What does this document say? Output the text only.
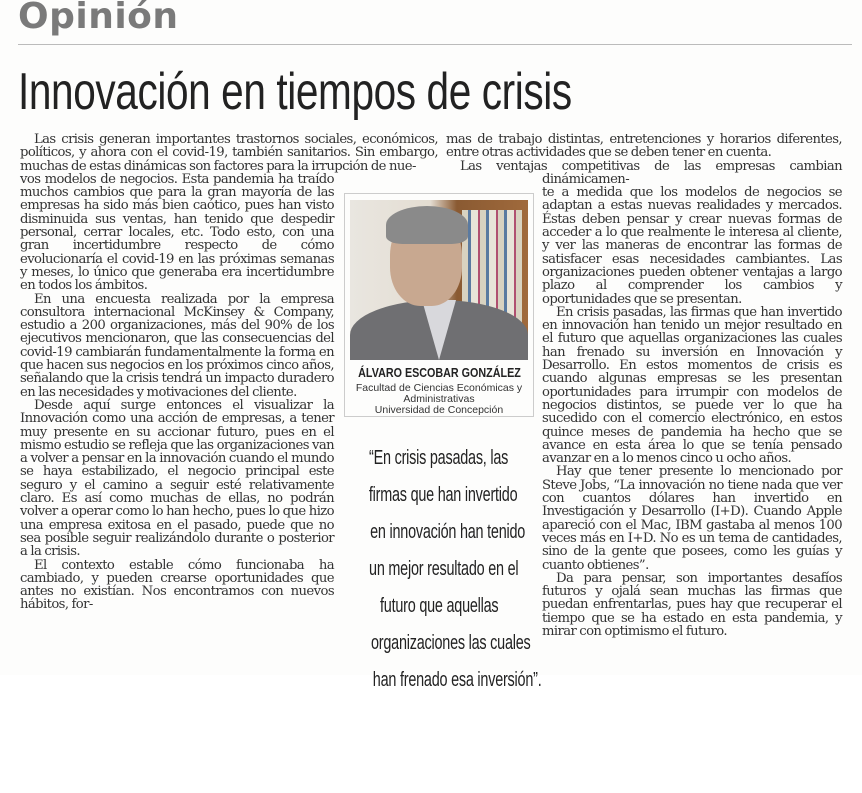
Opinión
Innovación en tiempos de crisis

Las crisis generan importantes trastornos sociales, económicos, políticos, y ahora con el covid-19, también sanitarios. Sin embargo, muchas de estas dinámicas son factores para la irrupción de nue-

vos modelos de negocios. Esta pandemia ha traído muchos cambios que para la gran mayoría de las empresas ha sido más bien caótico, pues han visto disminuida sus ventas, han tenido que despedir personal, cerrar locales, etc. Todo esto, con una gran incertidumbre respecto de cómo evolucionaría el covid-19 en las próximas semanas y meses, lo único que generaba era incertidumbre en todos los ámbitos.

En una encuesta realizada por la empresa consultora internacional McKinsey & Company, estudio a 200 organizaciones, más del 90% de los ejecutivos mencionaron, que las consecuencias del covid-19 cambiarán fundamentalmente la forma en que hacen sus negocios en los próximos cinco años, señalando que la crisis tendrá un impacto duradero en las necesidades y motivaciones del cliente.

Desde aquí surge entonces el visualizar la Innovación como una acción de empresas, a tener muy presente en su accionar futuro, pues en el mismo estudio se refleja que las organizaciones van a volver a pensar en la innovación cuando el mundo se haya estabilizado, el negocio principal este seguro y el camino a seguir esté relativamente claro. Es así como muchas de ellas, no podrán volver a operar como lo han hecho, pues lo que hizo una empresa exitosa en el pasado, puede que no sea posible seguir realizándolo durante o posterior a la crisis.

El contexto estable cómo funcionaba ha cambiado, y pueden crearse oportunidades que antes no existían. Nos encontramos con nuevos hábitos, for-

mas de trabajo distintas, entretenciones y horarios diferentes, entre otras actividades que se deben tener en cuenta.

Las ventajas competitivas de las empresas cambian dinámicamen-

te a medida que los modelos de negocios se adaptan a estas nuevas realidades y mercados. Éstas deben pensar y crear nuevas formas de acceder a lo que realmente le interesa al cliente, y ver las maneras de encontrar las formas de satisfacer esas necesidades cambiantes. Las organizaciones pueden obtener ventajas a largo plazo al comprender los cambios y oportunidades que se presentan.

En crisis pasadas, las firmas que han invertido en innovación han tenido un mejor resultado en el futuro que aquellas organizaciones las cuales han frenado su inversión en Innovación y Desarrollo. En estos momentos de crisis es cuando algunas empresas se les presentan oportunidades para irrumpir con modelos de negocios distintos, se puede ver lo que ha sucedido con el comercio electrónico, en estos quince meses de pandemia ha hecho que se avance en esta área lo que se tenía pensado avanzar en a lo menos cinco u ocho años.

Hay que tener presente lo mencionado por Steve Jobs, “La innovación no tiene nada que ver con cuantos dólares han invertido en Investigación y Desarrollo (I+D). Cuando Apple apareció con el Mac, IBM gastaba al menos 100 veces más en I+D. No es un tema de cantidades, sino de la gente que posees, como les guías y cuanto obtienes”.

Da para pensar, son importantes desafíos futuros y ojalá sean muchas las firmas que puedan enfrentarlas, pues hay que recuperar el tiempo que se ha estado en esta pandemia, y mirar con optimismo el futuro.

ÁLVARO ESCOBAR GONZÁLEZ
Facultad de Ciencias Económicas y
Administrativas
Universidad de Concepción
“En crisis pasadas, las
firmas que han invertido
en innovación han tenido
un mejor resultado en el
futuro que aquellas
organizaciones las cuales
han frenado esa inversión”.
